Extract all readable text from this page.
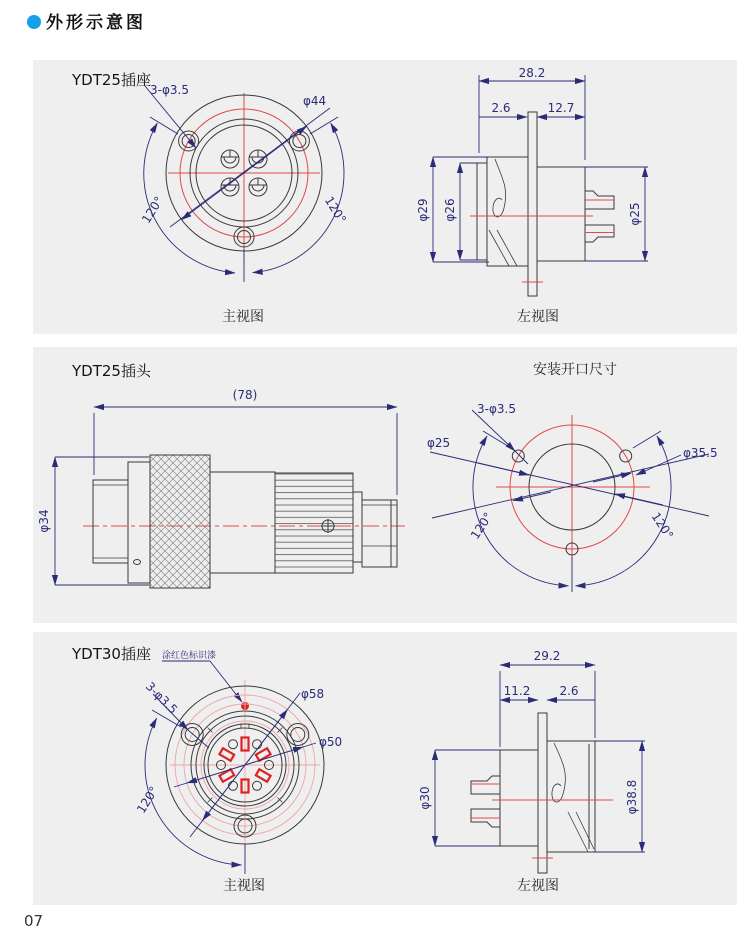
外形示意图
YDT25插座
3-φ3.5
φ44
120°	120°
主视图
28.2
2.6	12.7
φ29 φ26	φ25
左视图
YDT25插头
(78)
φ34
安装开口尺寸
φ25
φ35.5
3-φ3.5
120°	120°
YDT30插座 涂红色标识漆
φ58
φ50
3-φ3.5
120°
主视图
29.2
11.2 2.6
φ30	φ38.8
左视图
07
